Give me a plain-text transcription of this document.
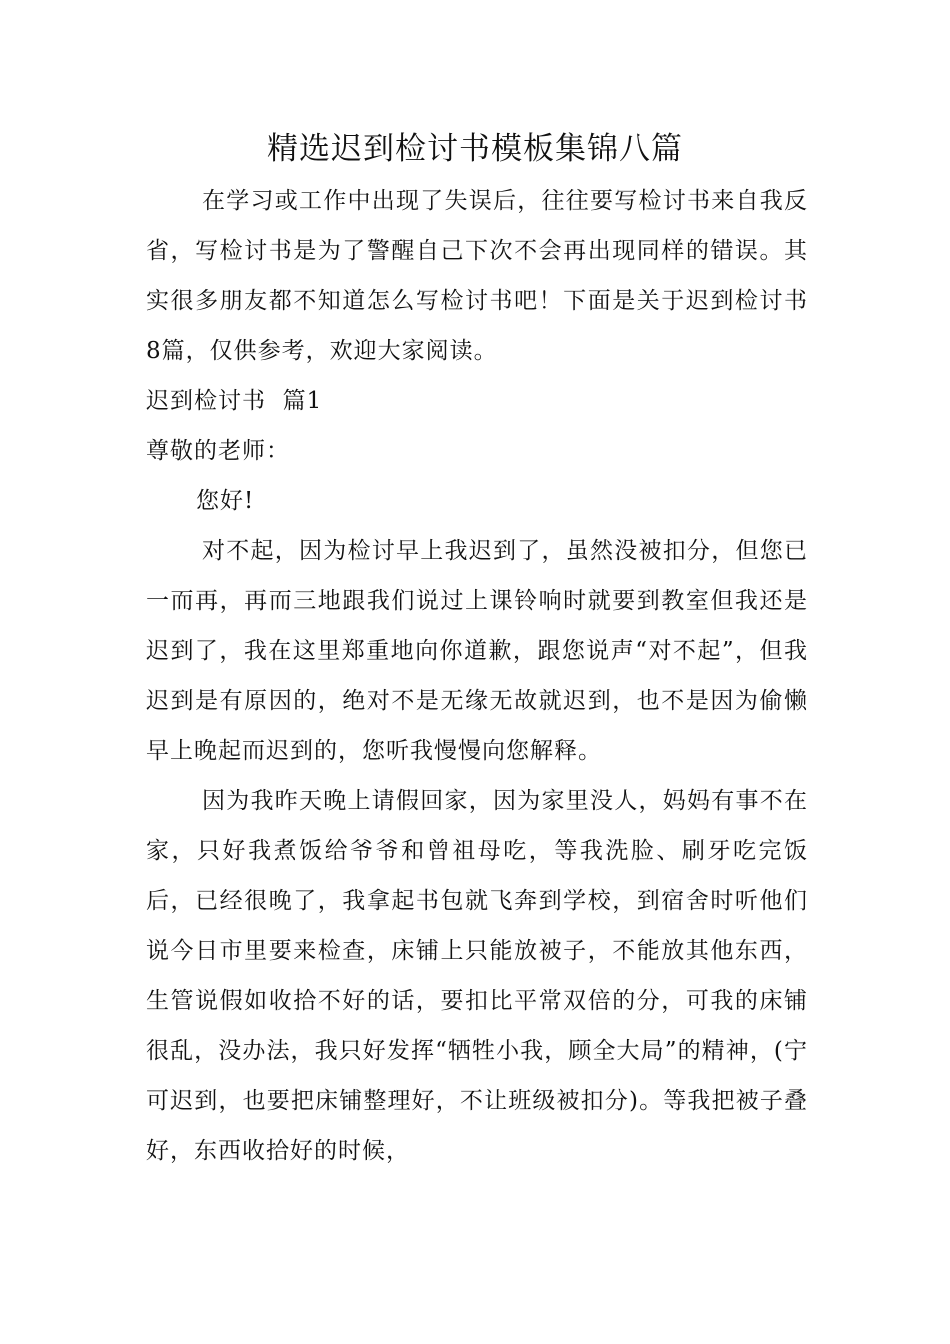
精选迟到检讨书模板集锦八篇

在学习或工作中出现了失误后，往往要写检讨书来自我反省，写检讨书是为了警醒自己下次不会再出现同样的错误。其实很多朋友都不知道怎么写检讨书吧！下面是关于迟到检讨书8篇，仅供参考，欢迎大家阅读。

迟到检讨书  篇1

尊敬的老师：

您好!

对不起，因为检讨早上我迟到了，虽然没被扣分，但您已一而再，再而三地跟我们说过上课铃响时就要到教室但我还是迟到了，我在这里郑重地向你道歉，跟您说声“对不起”，但我迟到是有原因的，绝对不是无缘无故就迟到，也不是因为偷懒早上晚起而迟到的，您听我慢慢向您解释。

因为我昨天晚上请假回家，因为家里没人，妈妈有事不在家，只好我煮饭给爷爷和曾祖母吃，等我洗脸、刷牙吃完饭后，已经很晚了，我拿起书包就飞奔到学校，到宿舍时听他们说今日市里要来检查，床铺上只能放被子，不能放其他东西，生管说假如收拾不好的话，要扣比平常双倍的分，可我的床铺很乱，没办法，我只好发挥“牺牲小我，顾全大局”的精神，(宁可迟到，也要把床铺整理好，不让班级被扣分)。等我把被子叠好，东西收拾好的时候，
